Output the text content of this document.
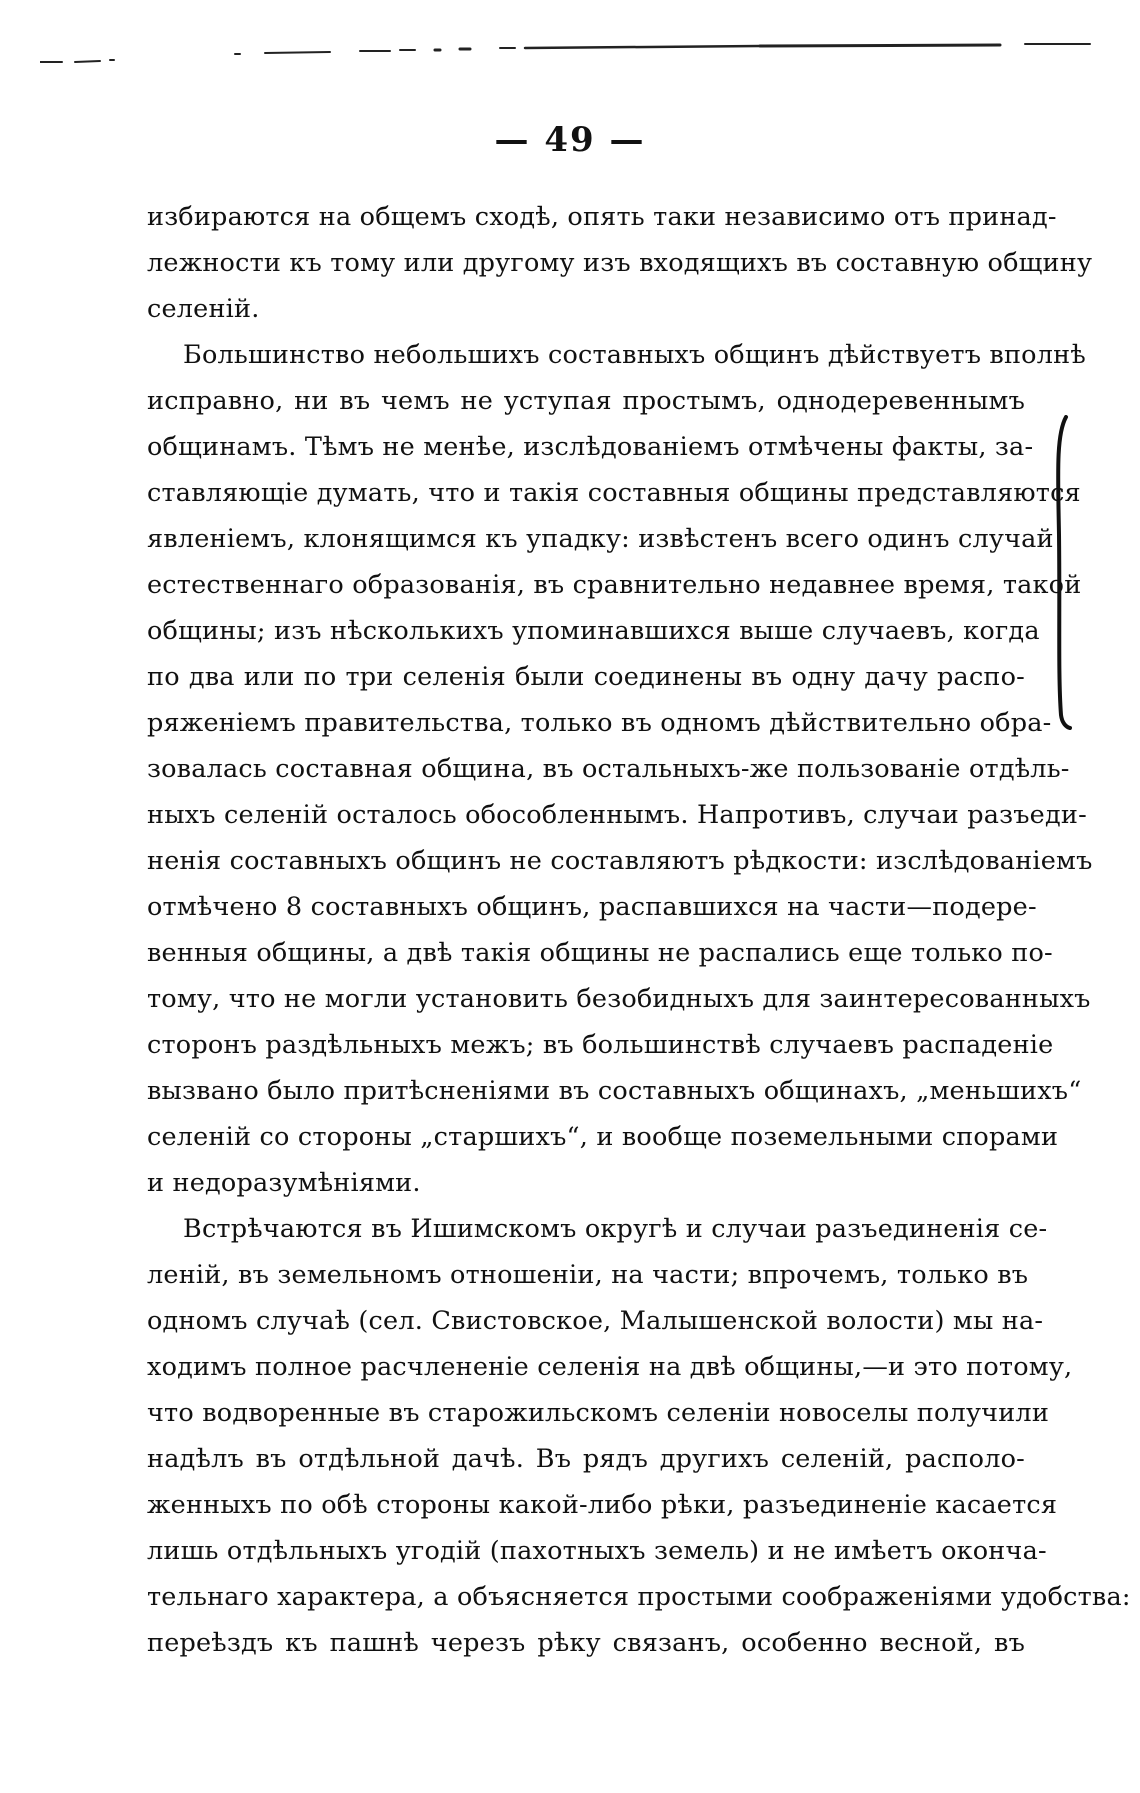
— 49 —

избираются на общемъ сходѣ, опять таки независимо отъ принад-
лежности къ тому или другому изъ входящихъ въ составную общину
селеній.

Большинство небольшихъ составныхъ общинъ дѣйствуетъ вполнѣ
исправно, ни въ чемъ не уступая простымъ, однодеревеннымъ
общинамъ. Тѣмъ не менѣе, изслѣдованіемъ отмѣчены факты, за-
ставляющіе думать, что и такія составныя общины представляются
явленіемъ, клонящимся къ упадку: извѣстенъ всего одинъ случай
естественнаго образованія, въ сравнительно недавнее время, такой
общины; изъ нѣсколькихъ упоминавшихся выше случаевъ, когда
по два или по три селенія были соединены въ одну дачу распо-
ряженіемъ правительства, только въ одномъ дѣйствительно обра-
зовалась составная община, въ остальныхъ-же пользованіе отдѣль-
ныхъ селеній осталось обособленнымъ. Напротивъ, случаи разъеди-
ненія составныхъ общинъ не составляютъ рѣдкости: изслѣдованіемъ
отмѣчено 8 составныхъ общинъ, распавшихся на части—подере-
венныя общины, а двѣ такія общины не распались еще только по-
тому, что не могли установить безобидныхъ для заинтересованныхъ
сторонъ раздѣльныхъ межъ; въ большинствѣ случаевъ распаденіе
вызвано было притѣсненіями въ составныхъ общинахъ, „меньшихъ“
селеній со стороны „старшихъ“, и вообще поземельными спорами
и недоразумѣніями.

Встрѣчаются въ Ишимскомъ округѣ и случаи разъединенія се-
леній, въ земельномъ отношеніи, на части; впрочемъ, только въ
одномъ случаѣ (сел. Свистовское, Малышенской волости) мы на-
ходимъ полное расчлененіе селенія на двѣ общины,—и это потому,
что водворенные въ старожильскомъ селеніи новоселы получили
надѣлъ въ отдѣльной дачѣ. Въ рядъ другихъ селеній, располо-
женныхъ по обѣ стороны какой-либо рѣки, разъединеніе касается
лишь отдѣльныхъ угодій (пахотныхъ земель) и не имѣетъ оконча-
тельнаго характера, а объясняется простыми соображеніями удобства:
переѣздъ къ пашнѣ черезъ рѣку связанъ, особенно весной, въ
